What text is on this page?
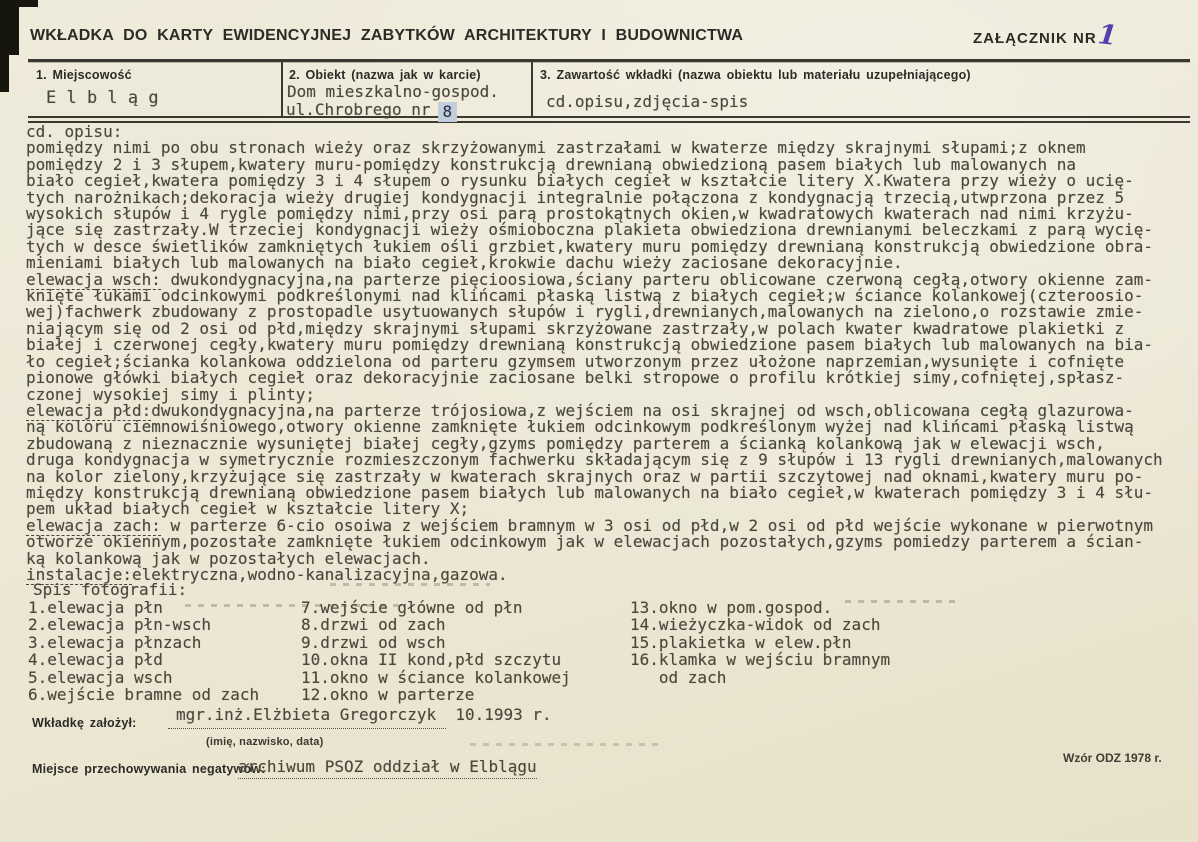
WKŁADKA DO KARTY EWIDENCYJNEJ ZABYTKÓW ARCHITEKTURY I BUDOWNICTWA	ZAŁĄCZNIK NR 1
1. Miejscowość
E l b l ą g
2. Obiekt (nazwa jak w karcie)
Dom mieszkalno-gospod.
ul.Chrobrego nr 8
3. Zawartość wkładki (nazwa obiektu lub materiału uzupełniającego)
cd.opisu,zdjęcia-spis
cd. opisu:
pomiędzy nimi po obu stronach wieży oraz skrzyżowanymi zastrzałami w kwaterze między skrajnymi słupami;z oknem
pomiędzy 2 i 3 słupem,kwatery muru-pomiędzy konstrukcją drewnianą obwiedzioną pasem białych lub malowanych na
biało cegieł,kwatera pomiędzy 3 i 4 słupem o rysunku białych cegieł w kształcie litery X.Kwatera przy wieży o ucię-
tych narożnikach;dekoracja wieży drugiej kondygnacji integralnie połączona z kondygnacją trzecią,utwprzona przez 5
wysokich słupów i 4 rygle pomiędzy nimi,przy osi parą prostokątnych okien,w kwadratowych kwaterach nad nimi krzyżu-
jące się zastrzały.W trzeciej kondygnacji wieży ośmioboczna plakieta obwiedziona drewnianymi beleczkami z parą wycię-
tych w desce świetlików zamkniętych łukiem ośli grzbiet,kwatery muru pomiędzy drewnianą konstrukcją obwiedzione obra-
mieniami białych lub malowanych na biało cegieł,krokwie dachu wieży zaciosane dekoracyjnie.
elewacja wsch: dwukondygnacyjna,na parterze pięcioosiowa,ściany parteru oblicowane czerwoną cegłą,otwory okienne zam-
knięte łukami odcinkowymi podkreślonymi nad klińcami płaską listwą z białych cegieł;w ściance kolankowej(czteroosio-
wej)fachwerk zbudowany z prostopadle usytuowanych słupów i rygli,drewnianych,malowanych na zielono,o rozstawie zmie-
niającym się od 2 osi od płd,między skrajnymi słupami skrzyżowane zastrzały,w polach kwater kwadratowe plakietki z
białej i czerwonej cegły,kwatery muru pomiędzy drewnianą konstrukcją obwiedzione pasem białych lub malowanych na bia-
ło cegieł;ścianka kolankowa oddzielona od parteru gzymsem utworzonym przez ułożone naprzemian,wysunięte i cofnięte
pionowe główki białych cegieł oraz dekoracyjnie zaciosane belki stropowe o profilu krótkiej simy,cofniętej,spłasz-
czonej wysokiej simy i plinty;
elewacja płd:dwukondygnacyjna,na parterze trójosiowa,z wejściem na osi skrajnej od wsch,oblicowana cegłą glazurowa-
ną koloru ciemnowiśniowego,otwory okienne zamknięte łukiem odcinkowym podkreślonym wyżej nad klińcami płaską listwą
zbudowaną z nieznacznie wysuniętej białej cegły,gzyms pomiędzy parterem a ścianką kolankową jak w elewacji wsch,
druga kondygnacja w symetrycznie rozmieszczonym fachwerku składającym się z 9 słupów i 13 rygli drewnianych,malowanych
na kolor zielony,krzyżujące się zastrzały w kwaterach skrajnych oraz w partii szczytowej nad oknami,kwatery muru po-
między konstrukcją drewnianą obwiedzione pasem białych lub malowanych na biało cegieł,w kwaterach pomiędzy 3 i 4 słu-
pem układ białych cegieł w kształcie litery X;
elewacja zach: w parterze 6-cio osoiwa z wejściem bramnym w 3 osi od płd,w 2 osi od płd wejście wykonane w pierwotnym
otworze okiennym,pozostałe zamknięte łukiem odcinkowym jak w elewacjach pozostałych,gzyms pomiedzy parterem a ścian-
ką kolankową jak w pozostałych elewacjach.
instalacje:elektryczna,wodno-kanalizacyjna,gazowa.
Spis fotografii:
1.elewacja płn
2.elewacja płn-wsch
3.elewacja płnzach
4.elewacja płd
5.elewacja wsch
6.wejście bramne od zach
7.wejście główne od płn
8.drzwi od zach
9.drzwi od wsch
10.okna II kond,płd szczytu
11.okno w ściance kolankowej
12.okno w parterze
13.okno w pom.gospod.
14.wieżyczka-widok od zach
15.plakietka w elew.płn
16.klamka w wejściu bramnym
od zach
Wkładkę założył: mgr.inż.Elżbieta Gregorczyk  10.1993 r.
(imię, nazwisko, data)
Miejsce przechowywania negatywów:
archiwum PSOZ oddział w Elblągu	Wzór ODZ 1978 r.
